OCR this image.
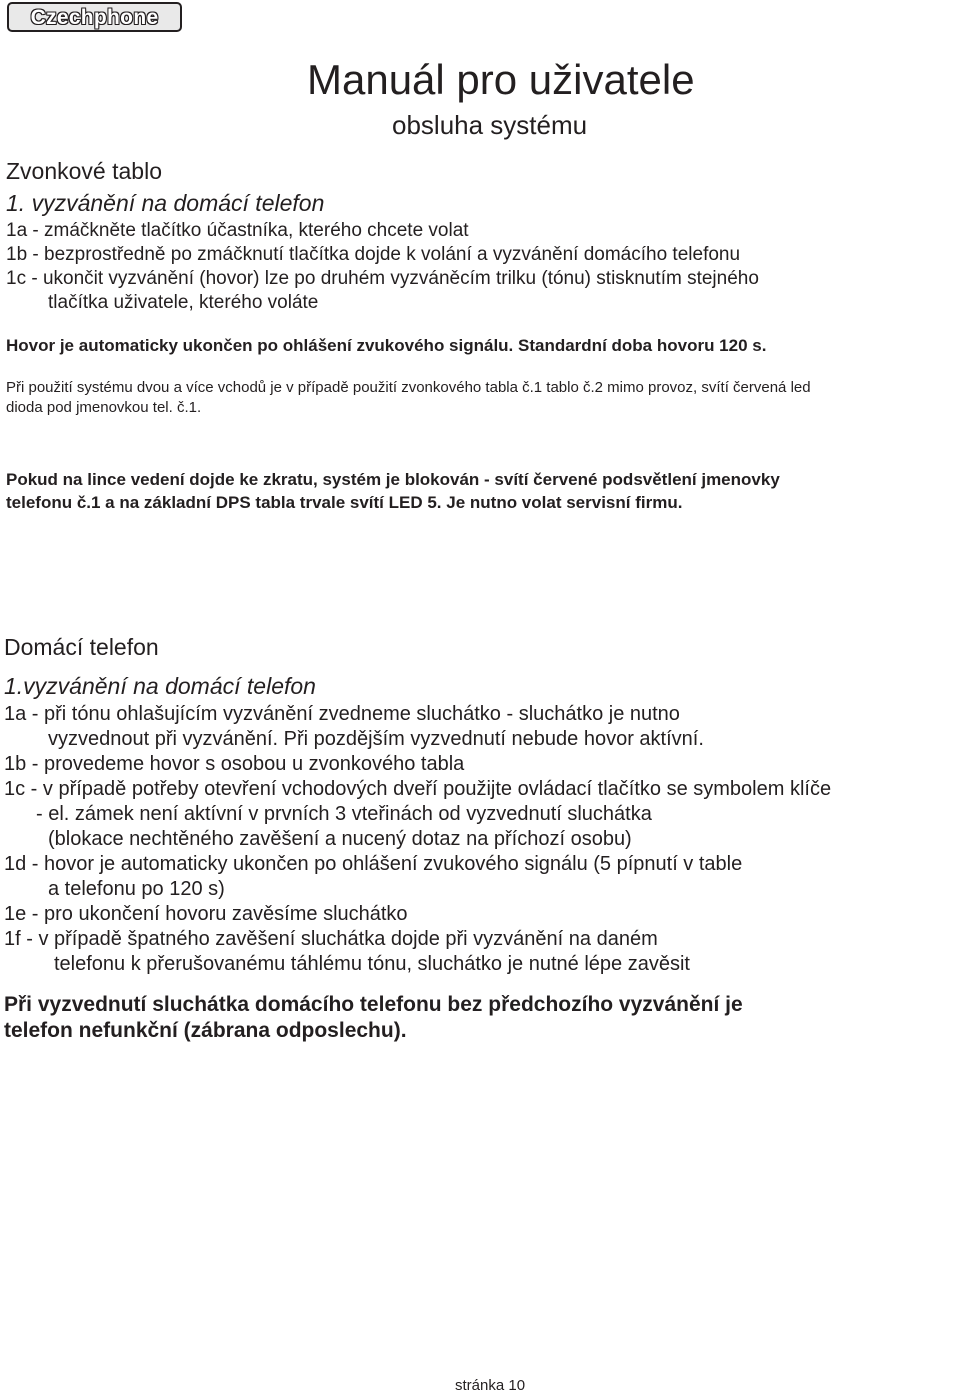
Czechphone
Manuál pro uživatele
obsluha systému
Zvonkové tablo
1. vyzvánění na domácí telefon
1a - zmáčkněte tlačítko účastníka, kterého chcete volat
1b - bezprostředně po zmáčknutí tlačítka dojde k volání a vyzvánění domácího telefonu
1c - ukončit vyzvánění (hovor) lze po druhém vyzváněcím trilku (tónu) stisknutím stejného
tlačítka uživatele, kterého voláte
Hovor je automaticky ukončen po ohlášení zvukového signálu. Standardní doba hovoru 120 s.
Při použití systému dvou a více vchodů je v případě použití zvonkového tabla č.1 tablo č.2 mimo provoz, svítí červená led
dioda pod jmenovkou tel. č.1.
Pokud na lince vedení dojde ke zkratu, systém je blokován - svítí červené podsvětlení jmenovky
telefonu č.1 a na základní DPS tabla trvale svítí LED 5. Je nutno volat servisní firmu.
Domácí telefon
1.vyzvánění na domácí telefon
1a - při tónu ohlašujícím vyzvánění zvedneme sluchátko - sluchátko je nutno
vyzvednout při vyzvánění. Při pozdějším vyzvednutí nebude hovor aktívní.
1b - provedeme hovor s osobou u zvonkového tabla
1c - v případě potřeby otevření vchodových dveří použijte ovládací tlačítko se symbolem klíče
- el. zámek není aktívní v prvních 3 vteřinách od vyzvednutí sluchátka
(blokace nechtěného zavěšení a nucený dotaz na příchozí osobu)
1d - hovor je automaticky ukončen po ohlášení zvukového signálu (5 pípnutí v table
a telefonu po 120 s)
1e - pro ukončení hovoru zavěsíme sluchátko
1f - v případě špatného zavěšení sluchátka dojde při vyzvánění na daném
telefonu k přerušovanému táhlému tónu, sluchátko je nutné lépe zavěsit
Při vyzvednutí sluchátka domácího telefonu bez předchozího vyzvánění je
telefon nefunkční (zábrana odposlechu).
stránka 10
